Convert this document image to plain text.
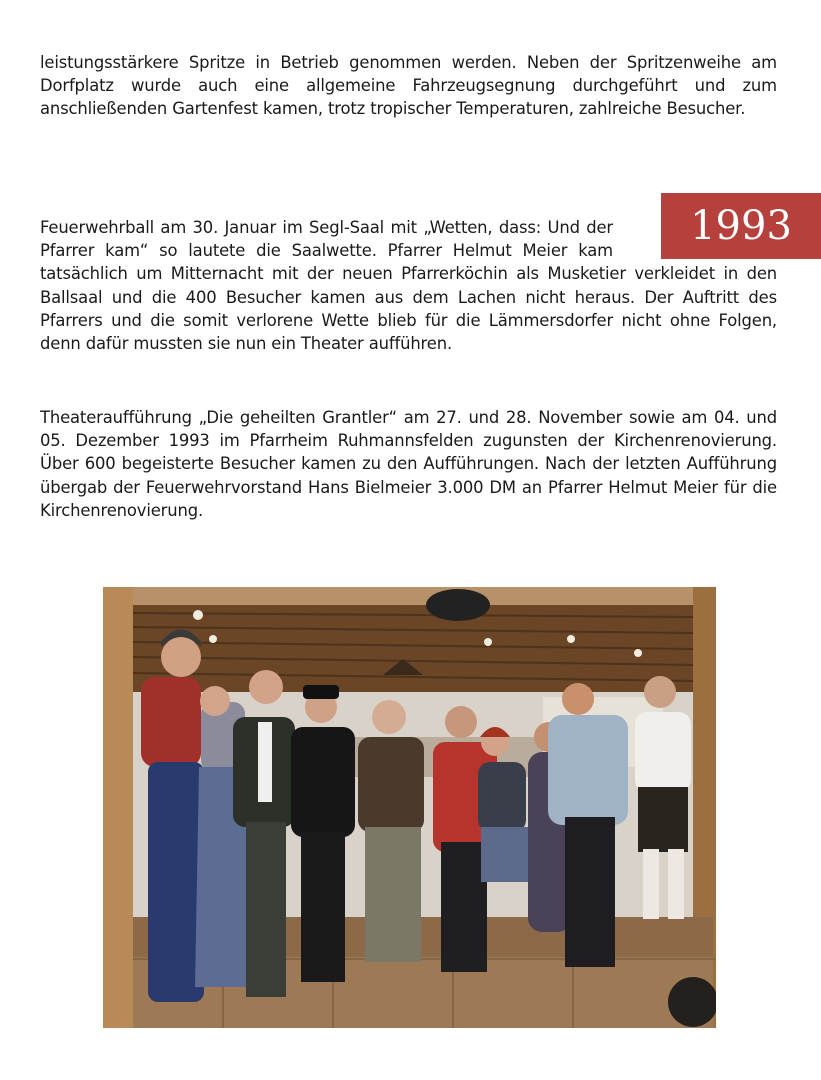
leistungsstärkere Spritze in Betrieb genommen werden. Neben der Spritzenweihe am Dorfplatz wurde auch eine allgemeine Fahrzeugsegnung durchgeführt und zum anschließenden Gartenfest kamen, trotz tropischer Temperaturen, zahlreiche Besucher.

1993

Feuerwehrball am 30. Januar im Segl-Saal mit „Wetten, dass: Und der Pfarrer kam“ so lautete die Saalwette. Pfarrer Helmut Meier kam tatsächlich um Mitternacht mit der neuen Pfarrerköchin als Musketier verkleidet in den Ballsaal und die 400 Besucher kamen aus dem Lachen nicht heraus. Der Auftritt des Pfarrers und die somit verlorene Wette blieb für die Lämmersdorfer nicht ohne Folgen, denn dafür mussten sie nun ein Theater aufführen.

Theateraufführung „Die geheilten Grantler“ am 27. und 28. November sowie am 04. und 05. Dezember 1993 im Pfarrheim Ruhmannsfelden zugunsten der Kirchenrenovierung. Über 600 begeisterte Besucher kamen zu den Aufführungen. Nach der letzten Aufführung übergab der Feuerwehrvorstand Hans Bielmeier 3.000 DM an Pfarrer Helmut Meier für die Kirchenrenovierung.
